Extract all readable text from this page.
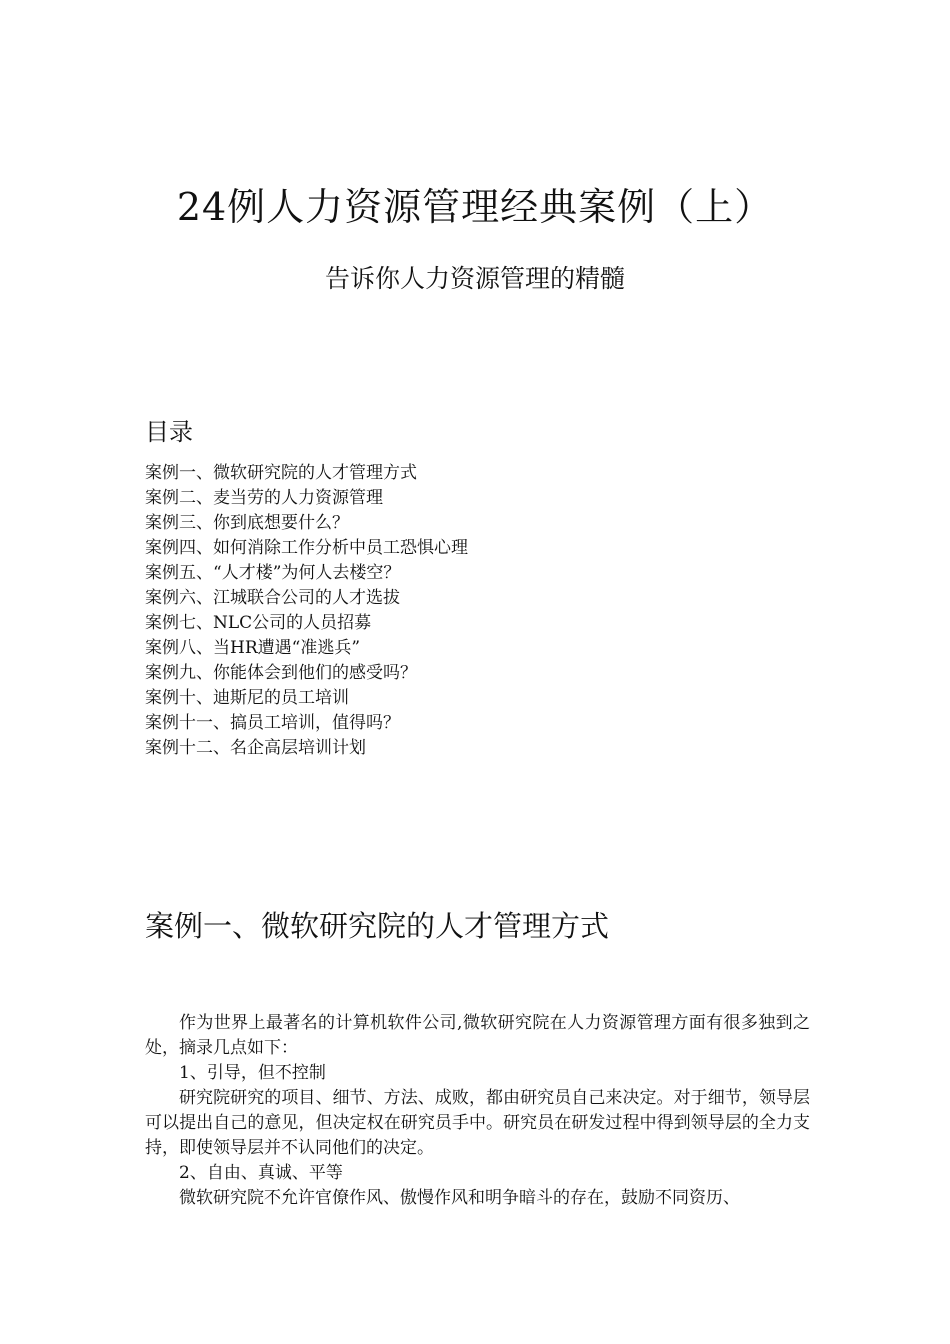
24例人力资源管理经典案例（上）
告诉你人力资源管理的精髓
目录
案例一、微软研究院的人才管理方式
案例二、麦当劳的人力资源管理
案例三、你到底想要什么？
案例四、如何消除工作分析中员工恐惧心理
案例五、“人才楼”为何人去楼空？
案例六、江城联合公司的人才选拔
案例七、NLC公司的人员招募
案例八、当HR遭遇“准逃兵”
案例九、你能体会到他们的感受吗？
案例十、迪斯尼的员工培训
案例十一、搞员工培训，值得吗？
案例十二、名企高层培训计划
案例一、微软研究院的人才管理方式

作为世界上最著名的计算机软件公司,微软研究院在人力资源管理方面有很多独到之处，摘录几点如下：

1、引导，但不控制

研究院研究的项目、细节、方法、成败，都由研究员自己来决定。对于细节，领导层可以提出自己的意见，但决定权在研究员手中。研究员在研发过程中得到领导层的全力支持，即使领导层并不认同他们的决定。

2、自由、真诚、平等

微软研究院不允许官僚作风、傲慢作风和明争暗斗的存在，鼓励不同资历、
